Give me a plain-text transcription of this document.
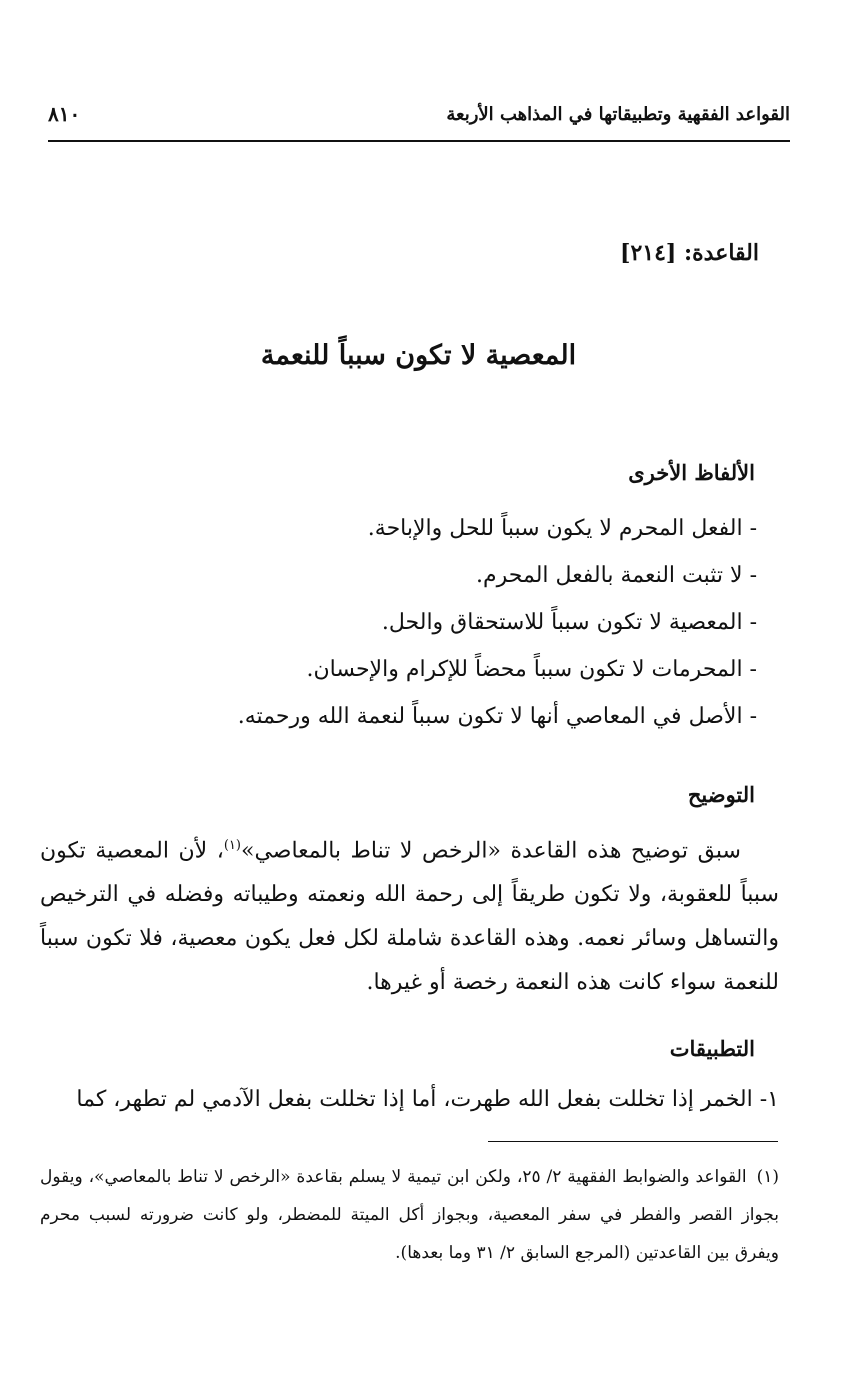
القواعد الفقهية وتطبيقاتها في المذاهب الأربعة
٨١٠
القاعدة: [٢١٤]
المعصية لا تكون سبباً للنعمة
الألفاظ الأخرى
- الفعل المحرم لا يكون سبباً للحل والإباحة.
- لا تثبت النعمة بالفعل المحرم.
- المعصية لا تكون سبباً للاستحقاق والحل.
- المحرمات لا تكون سبباً محضاً للإكرام والإحسان.
- الأصل في المعاصي أنها لا تكون سبباً لنعمة الله ورحمته.
التوضيح

سبق توضيح هذه القاعدة «الرخص لا تناط بالمعاصي»$^{(١)}$، لأن المعصية تكون سبباً للعقوبة، ولا تكون طريقاً إلى رحمة الله ونعمته وطيباته وفضله في الترخيص والتساهل وسائر نعمه. وهذه القاعدة شاملة لكل فعل يكون معصية، فلا تكون سبباً للنعمة سواء كانت هذه النعمة رخصة أو غيرها.

التطبيقات

١- الخمر إذا تخللت بفعل الله طهرت، أما إذا تخللت بفعل الآدمي لم تطهر، كما

(١)القواعد والضوابط الفقهية ٢/ ٢٥، ولكن ابن تيمية لا يسلم بقاعدة «الرخص لا تناط بالمعاصي»، ويقول بجواز القصر والفطر في سفر المعصية، وبجواز أكل الميتة للمضطر، ولو كانت ضرورته لسبب محرم ويفرق بين القاعدتين (المرجع السابق ٢/ ٣١ وما بعدها).
